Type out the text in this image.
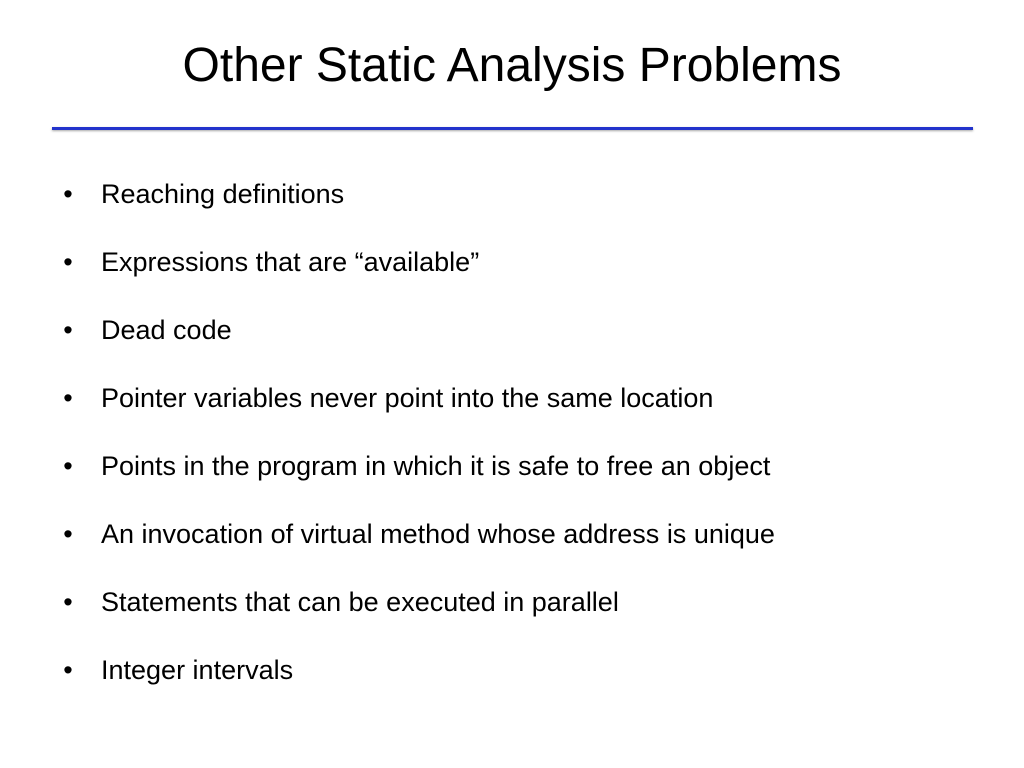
Other Static Analysis Problems
• Reaching definitions
• Expressions that are “available”
• Dead code
• Pointer variables never point into the same location
• Points in the program in which it is safe to free an object
• An invocation of virtual method whose address is unique
• Statements that can be executed in parallel
• Integer intervals
